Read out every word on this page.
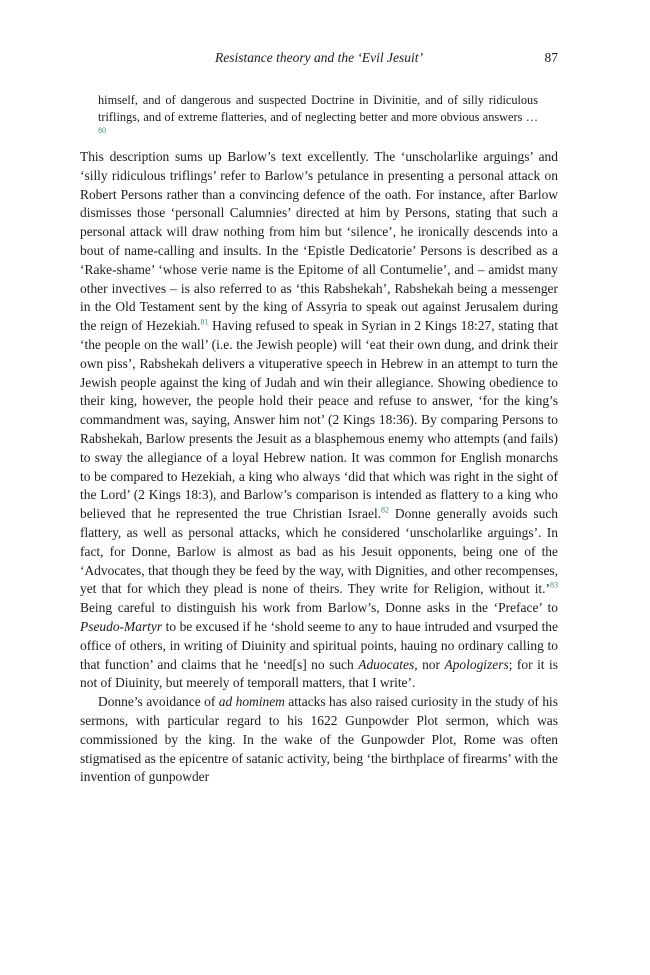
Resistance theory and the ‘Evil Jesuit’	87

himself, and of dangerous and suspected Doctrine in Divinitie, and of silly ridiculous triflings, and of extreme flatteries, and of neglecting better and more obvious answers …$^{80}$

This description sums up Barlow’s text excellently. The ‘unscholarlike arguings’ and ‘silly ridiculous triflings’ refer to Barlow’s petulance in presenting a personal attack on Robert Persons rather than a convincing defence of the oath. For instance, after Barlow dismisses those ‘personall Calumnies’ directed at him by Persons, stating that such a personal attack will draw nothing from him but ‘silence’, he ironically descends into a bout of name-calling and insults. In the ‘Epistle Dedicatorie’ Persons is described as a ‘Rake-shame’ ‘whose verie name is the Epitome of all Contumelie’, and – amidst many other invectives – is also referred to as ‘this Rabshekah’, Rabshekah being a messenger in the Old Testament sent by the king of Assyria to speak out against Jerusalem during the reign of Hezekiah.$^{81}$ Having refused to speak in Syrian in 2 Kings 18:27, stating that ‘the people on the wall’ (i.e. the Jewish people) will ‘eat their own dung, and drink their own piss’, Rabshekah delivers a vituperative speech in Hebrew in an attempt to turn the Jewish people against the king of Judah and win their allegiance. Showing obedience to their king, however, the people hold their peace and refuse to answer, ‘for the king’s commandment was, saying, Answer him not’ (2 Kings 18:36). By comparing Persons to Rabshekah, Barlow presents the Jesuit as a blasphemous enemy who attempts (and fails) to sway the allegiance of a loyal Hebrew nation. It was common for English monarchs to be compared to Hezekiah, a king who always ‘did that which was right in the sight of the Lord’ (2 Kings 18:3), and Barlow’s comparison is intended as flattery to a king who believed that he represented the true Christian Israel.$^{82}$ Donne generally avoids such flattery, as well as personal attacks, which he considered ‘unscholarlike arguings’. In fact, for Donne, Barlow is almost as bad as his Jesuit opponents, being one of the ‘Advocates, that though they be feed by the way, with Dignities, and other recompenses, yet that for which they plead is none of theirs. They write for Religion, without it.’$^{83}$ Being careful to distinguish his work from Barlow’s, Donne asks in the ‘Preface’ to Pseudo-Martyr to be excused if he ‘shold seeme to any to haue intruded and vsurped the office of others, in writing of Diuinity and spiritual points, hauing no ordinary calling to that function’ and claims that he ‘need[s] no such Aduocates, nor Apologizers; for it is not of Diuinity, but meerely of temporall matters, that I write’.

Donne’s avoidance of ad hominem attacks has also raised curiosity in the study of his sermons, with particular regard to his 1622 Gunpowder Plot sermon, which was commissioned by the king. In the wake of the Gunpowder Plot, Rome was often stigmatised as the epicentre of satanic activity, being ‘the birthplace of firearms’ with the invention of gunpowder
